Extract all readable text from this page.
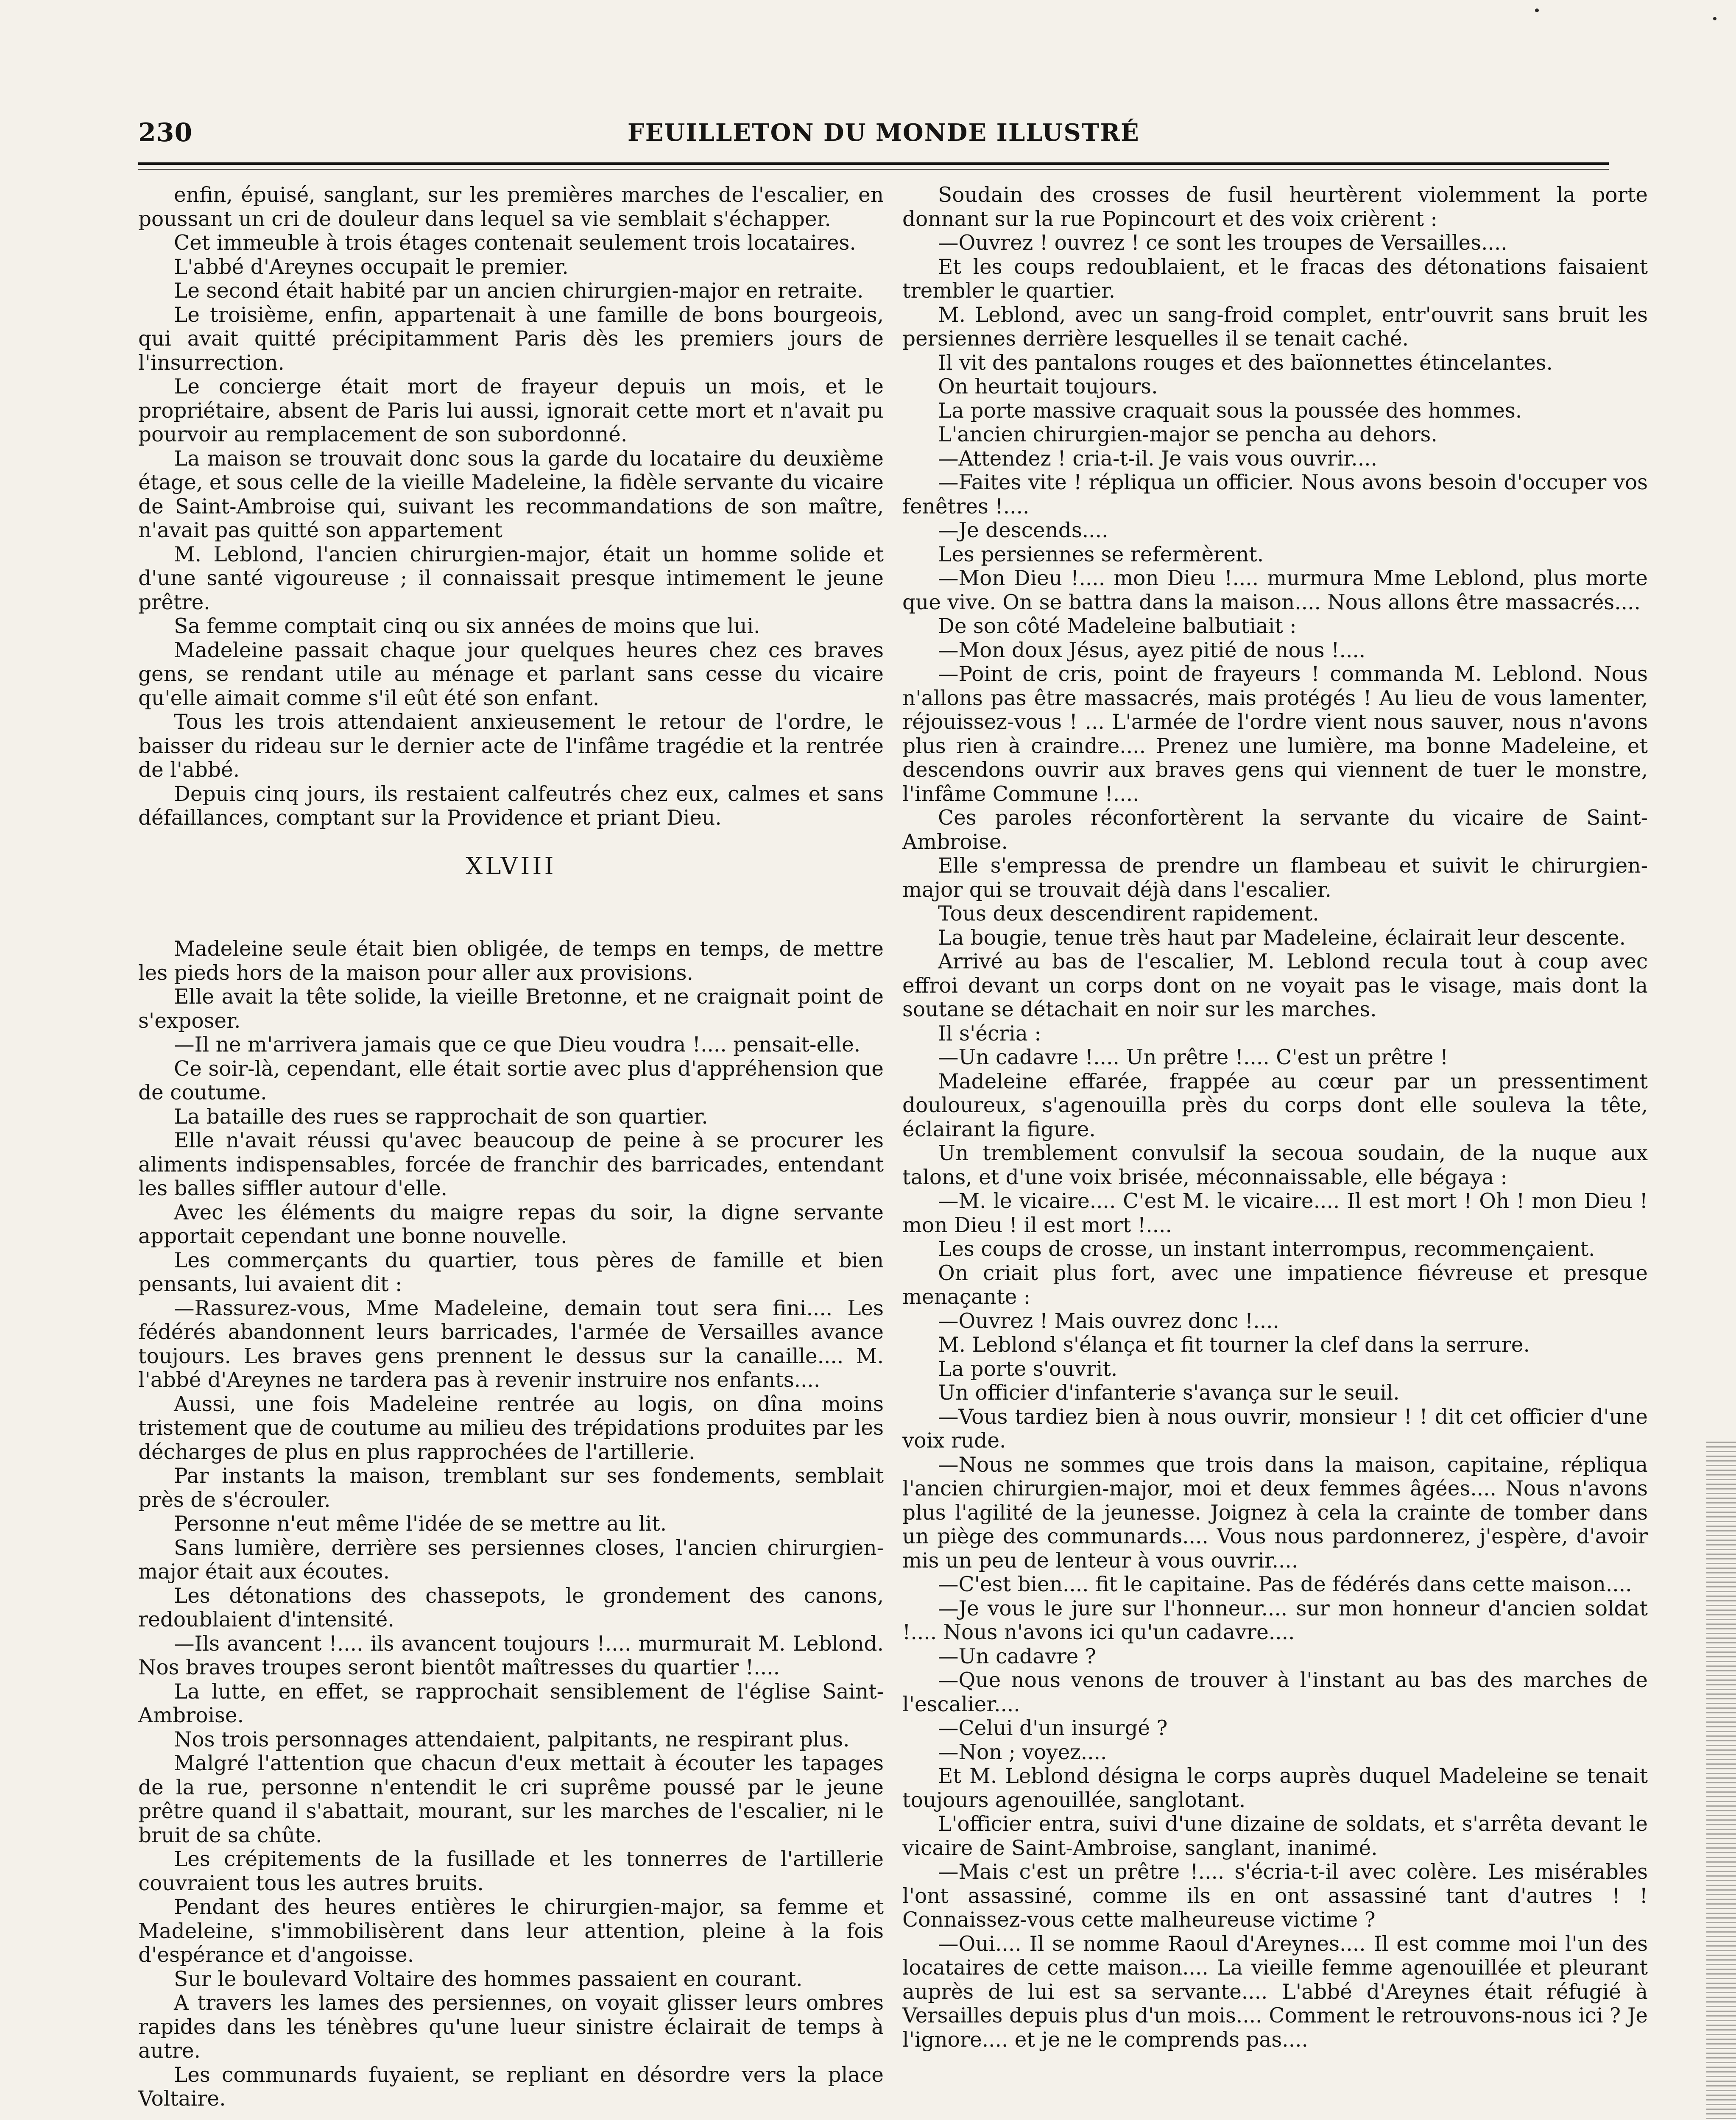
230	FEUILLETON DU MONDE ILLUSTRÉ

enfin, épuisé, sanglant, sur les premières marches de l'escalier, en poussant un cri de douleur dans lequel sa vie semblait s'échapper.

Cet immeuble à trois étages contenait seulement trois locataires.

L'abbé d'Areynes occupait le premier.

Le second était habité par un ancien chirurgien-major en retraite.

Le troisième, enfin, appartenait à une famille de bons bourgeois, qui avait quitté précipitamment Paris dès les premiers jours de l'insurrection.

Le concierge était mort de frayeur depuis un mois, et le propriétaire, absent de Paris lui aussi, ignorait cette mort et n'avait pu pourvoir au remplacement de son subordonné.

La maison se trouvait donc sous la garde du locataire du deuxième étage, et sous celle de la vieille Madeleine, la fidèle servante du vicaire de Saint-Ambroise qui, suivant les recommandations de son maître, n'avait pas quitté son appartement

M. Leblond, l'ancien chirurgien-major, était un homme solide et d'une santé vigoureuse ; il connaissait presque intimement le jeune prêtre.

Sa femme comptait cinq ou six années de moins que lui.

Madeleine passait chaque jour quelques heures chez ces braves gens, se rendant utile au ménage et parlant sans cesse du vicaire qu'elle aimait comme s'il eût été son enfant.

Tous les trois attendaient anxieusement le retour de l'ordre, le baisser du rideau sur le dernier acte de l'infâme tragédie et la rentrée de l'abbé.

Depuis cinq jours, ils restaient calfeutrés chez eux, calmes et sans défaillances, comptant sur la Providence et priant Dieu.

XLVIII

Madeleine seule était bien obligée, de temps en temps, de mettre les pieds hors de la maison pour aller aux provisions.

Elle avait la tête solide, la vieille Bretonne, et ne craignait point de s'exposer.

—Il ne m'arrivera jamais que ce que Dieu voudra !.... pensait-elle.

Ce soir-là, cependant, elle était sortie avec plus d'appréhension que de coutume.

La bataille des rues se rapprochait de son quartier.

Elle n'avait réussi qu'avec beaucoup de peine à se procurer les aliments indispensables, forcée de franchir des barricades, entendant les balles siffler autour d'elle.

Avec les éléments du maigre repas du soir, la digne servante apportait cependant une bonne nouvelle.

Les commerçants du quartier, tous pères de famille et bien pensants, lui avaient dit :

—Rassurez-vous, Mme Madeleine, demain tout sera fini.... Les fédérés abandonnent leurs barricades, l'armée de Versailles avance toujours. Les braves gens prennent le dessus sur la canaille.... M. l'abbé d'Areynes ne tardera pas à revenir instruire nos enfants....

Aussi, une fois Madeleine rentrée au logis, on dîna moins tristement que de coutume au milieu des trépidations produites par les décharges de plus en plus rapprochées de l'artillerie.

Par instants la maison, tremblant sur ses fondements, semblait près de s'écrouler.

Personne n'eut même l'idée de se mettre au lit.

Sans lumière, derrière ses persiennes closes, l'ancien chirurgien-major était aux écoutes.

Les détonations des chassepots, le grondement des canons, redoublaient d'intensité.

—Ils avancent !.... ils avancent toujours !.... murmurait M. Leblond. Nos braves troupes seront bientôt maîtresses du quartier !....

La lutte, en effet, se rapprochait sensiblement de l'église Saint-Ambroise.

Nos trois personnages attendaient, palpitants, ne respirant plus.

Malgré l'attention que chacun d'eux mettait à écouter les tapages de la rue, personne n'entendit le cri suprême poussé par le jeune prêtre quand il s'abattait, mourant, sur les marches de l'escalier, ni le bruit de sa chûte.

Les crépitements de la fusillade et les tonnerres de l'artillerie couvraient tous les autres bruits.

Pendant des heures entières le chirurgien-major, sa femme et Madeleine, s'immobilisèrent dans leur attention, pleine à la fois d'espérance et d'angoisse.

Sur le boulevard Voltaire des hommes passaient en courant.

A travers les lames des persiennes, on voyait glisser leurs ombres rapides dans les ténèbres qu'une lueur sinistre éclairait de temps à autre.

Les communards fuyaient, se repliant en désordre vers la place Voltaire.

Soudain des crosses de fusil heurtèrent violemment la porte donnant sur la rue Popincourt et des voix crièrent :

—Ouvrez ! ouvrez ! ce sont les troupes de Versailles....

Et les coups redoublaient, et le fracas des détonations faisaient trembler le quartier.

M. Leblond, avec un sang-froid complet, entr'ouvrit sans bruit les persiennes derrière lesquelles il se tenait caché.

Il vit des pantalons rouges et des baïonnettes étincelantes.

On heurtait toujours.

La porte massive craquait sous la poussée des hommes.

L'ancien chirurgien-major se pencha au dehors.

—Attendez ! cria-t-il. Je vais vous ouvrir....

—Faites vite ! répliqua un officier. Nous avons besoin d'occuper vos fenêtres !....

—Je descends....

Les persiennes se refermèrent.

—Mon Dieu !.... mon Dieu !.... murmura Mme Leblond, plus morte que vive. On se battra dans la maison.... Nous allons être massacrés....

De son côté Madeleine balbutiait :

—Mon doux Jésus, ayez pitié de nous !....

—Point de cris, point de frayeurs ! commanda M. Leblond. Nous n'allons pas être massacrés, mais protégés ! Au lieu de vous lamenter, réjouissez-vous ! ... L'armée de l'ordre vient nous sauver, nous n'avons plus rien à craindre.... Prenez une lumière, ma bonne Madeleine, et descendons ouvrir aux braves gens qui viennent de tuer le monstre, l'infâme Commune !....

Ces paroles réconfortèrent la servante du vicaire de Saint-Ambroise.

Elle s'empressa de prendre un flambeau et suivit le chirurgien-major qui se trouvait déjà dans l'escalier.

Tous deux descendirent rapidement.

La bougie, tenue très haut par Madeleine, éclairait leur descente.

Arrivé au bas de l'escalier, M. Leblond recula tout à coup avec effroi devant un corps dont on ne voyait pas le visage, mais dont la soutane se détachait en noir sur les marches.

Il s'écria :

—Un cadavre !.... Un prêtre !.... C'est un prêtre !

Madeleine effarée, frappée au cœur par un pressentiment douloureux, s'agenouilla près du corps dont elle souleva la tête, éclairant la figure.

Un tremblement convulsif la secoua soudain, de la nuque aux talons, et d'une voix brisée, méconnaissable, elle bégaya :

—M. le vicaire.... C'est M. le vicaire.... Il est mort ! Oh ! mon Dieu ! mon Dieu ! il est mort !....

Les coups de crosse, un instant interrompus, recommençaient.

On criait plus fort, avec une impatience fiévreuse et presque menaçante :

—Ouvrez ! Mais ouvrez donc !....

M. Leblond s'élança et fit tourner la clef dans la serrure.

La porte s'ouvrit.

Un officier d'infanterie s'avança sur le seuil.

—Vous tardiez bien à nous ouvrir, monsieur ! ! dit cet officier d'une voix rude.

—Nous ne sommes que trois dans la maison, capitaine, répliqua l'ancien chirurgien-major, moi et deux femmes âgées.... Nous n'avons plus l'agilité de la jeunesse. Joignez à cela la crainte de tomber dans un piège des communards.... Vous nous pardonnerez, j'espère, d'avoir mis un peu de lenteur à vous ouvrir....

—C'est bien.... fit le capitaine. Pas de fédérés dans cette maison....

—Je vous le jure sur l'honneur.... sur mon honneur d'ancien soldat !.... Nous n'avons ici qu'un cadavre....

—Un cadavre ?

—Que nous venons de trouver à l'instant au bas des marches de l'escalier....

—Celui d'un insurgé ?

—Non ; voyez....

Et M. Leblond désigna le corps auprès duquel Madeleine se tenait toujours agenouillée, sanglotant.

L'officier entra, suivi d'une dizaine de soldats, et s'arrêta devant le vicaire de Saint-Ambroise, sanglant, inanimé.

—Mais c'est un prêtre !.... s'écria-t-il avec colère. Les misérables l'ont assassiné, comme ils en ont assassiné tant d'autres ! ! Connaissez-vous cette malheureuse victime ?

—Oui.... Il se nomme Raoul d'Areynes.... Il est comme moi l'un des locataires de cette maison.... La vieille femme agenouillée et pleurant auprès de lui est sa servante.... L'abbé d'Areynes était réfugié à Versailles depuis plus d'un mois.... Comment le retrouvons-nous ici ? Je l'ignore.... et je ne le comprends pas....
